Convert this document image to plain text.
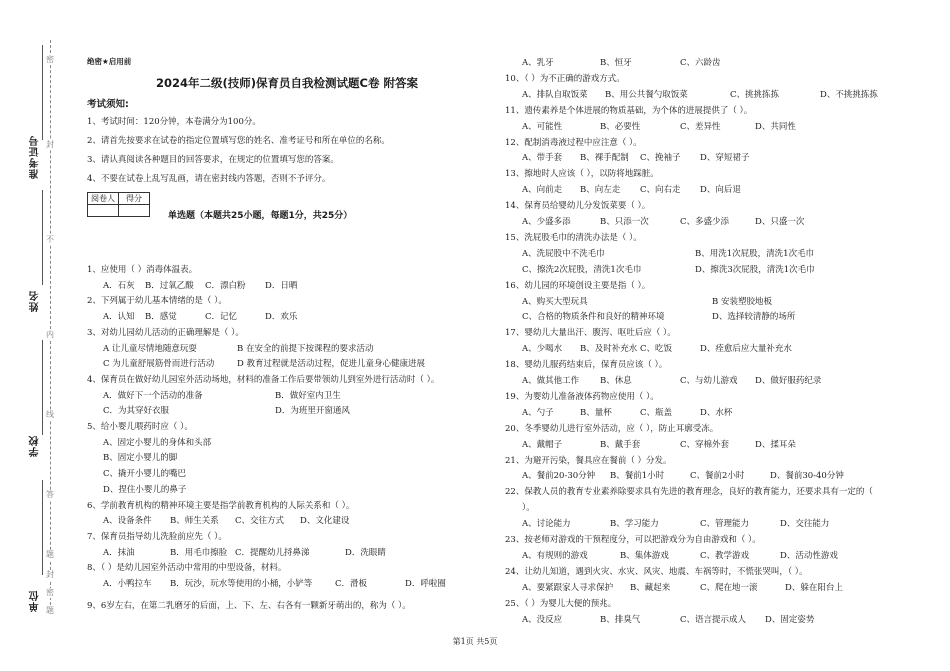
准考证号
姓名
学校
单位
密
封
不
内
线
答
题
封
密
题
绝密★启用前
2024年二级(技师)保育员自我检测试题C卷 附答案
考试须知:
1、考试时间：120分钟，本卷满分为100分。
2、请首先按要求在试卷的指定位置填写您的姓名、准考证号和所在单位的名称。
3、请认真阅读各种题目的回答要求，在规定的位置填写您的答案。
4、不要在试卷上乱写乱画，请在密封线内答题，否则不予评分。
阅卷人	得分

单选题（本题共25小题，每题1分，共25分）
1、应使用（ ）消毒体温表。
A．石灰 B．过氧乙酸 C．漂白粉 D．日晒
2、下列属于幼儿基本情绪的是（ ）。
A．认知 B．感觉	C．记忆	D．欢乐
3、对幼儿园幼儿活动的正确理解是（ ）。
A 让儿童尽情地随意玩耍	B 在安全的前提下按课程的要求活动
C 为儿童舒展筋骨而进行活动	D 教育过程就是活动过程，促进儿童身心健康进展
4、保育员在做好幼儿园室外活动场地，材料的准备工作后要带领幼儿到室外进行活动时（ ）。
A．做好下一个活动的准备	B．做好室内卫生
C．为其穿好衣服	D．为班里开窗通风
5、给小婴儿喂药时应（ ）。
A、固定小婴儿的身体和头部
B、固定小婴儿的脚
C、撬开小婴儿的嘴巴
D、捏住小婴儿的鼻子
6、学前教育机构的精神环境主要是指学前教育机构的人际关系和（ ）。
A、设备条件 B、师生关系 C、交往方式 D、文化建设
7、保育员指导幼儿洗脸前应先（ ）。
A．抹油	B．用毛巾擦脸 C．提醒幼儿捋鼻涕	D．洗眼睛
8、（ ）是幼儿园室外活动中常用的中型设备，材料。
A．小鸭拉车 B．玩沙，玩水等使用的小桶，小铲等	C．滑板	D．呼啦圈
9、6岁左右，在第二乳磨牙的后面，上、下、左、右各有一颗新牙萌出的，称为（ ）。
A、乳牙	B、恒牙	C、六龄齿
10、（ ）为不正确的游戏方式。
A、排队自取饭菜 B、用公共餐勺取饭菜	C、挑挑拣拣	D、不挑挑拣拣
11、遗传素养是个体进展的物质基础，为个体的进展提供了（ ）。
A、可能性	B、必要性	C、差异性	D、共同性
12、配制消毒液过程中应注意（ ）。
A、带手套 B、裸手配制 C、挽袖子 D、穿短裙子
13、擦地时人应该（ ），以防将地踩脏。
A、向前走 B、向左走 C、向右走 D、向后退
14、保育员给婴幼儿分发饭菜要（ ）。
A、少盛多添	B、只添一次	C、多盛少添	D、只盛一次
15、洗屁股毛巾的清洗办法是（ ）。
A、洗屁股中不洗毛巾	B、用洗1次屁股，清洗1次毛巾
C、擦洗2次屁股，清洗1次毛巾	D、擦洗3次屁股，清洗1次毛巾
16、幼儿园的环境创设主要是指（ ）。
A、购买大型玩具	B 安装塑胶地板
C、合格的物质条件和良好的精神环境	D、选择较清静的场所
17、婴幼儿大量出汗、腹泻、呕吐后应（ ）。
A、少喝水 B、及时补充水 C、吃饭	D、痊愈后应大量补充水
18、婴幼儿服药结束后，保育员应该（ ）。
A、做其他工作 B、休息	C、与幼儿游戏 D、做好服药纪录
19、为婴幼儿准备液体药物应使用（ ）。
A、勺子	B、量杯	C、瓶盖	D、水杯
20、冬季婴幼儿进行室外活动，应（ ），防止耳廓受冻。
A、戴帽子	B、戴手套	C、穿棉外套	D、揉耳朵
21、为避开污染，餐具应在餐前（ ）分发。
A、餐前20-30分钟 B、餐前1小时	C、餐前2小时	D、餐前30-40分钟
22、保教人员的教育专业素养除要求具有先进的教育理念，良好的教育能力，还要求具有一定的（
）。
A、讨论能力	B、学习能力	C、管理能力	D、交往能力
23、按老师对游戏的干预程度分，可以把游戏分为自由游戏和（ ）。
A、有规则的游戏	B、集体游戏	C、教学游戏	D、活动性游戏
24、让幼儿知道，遇到火灾、水灾、风灾、地震、车祸等时，不慌张哭叫，（ ）。
A、要紧跟家人寻求保护 B、藏起来	C、爬在地一滚	D、躲在阳台上
25、（ ）为婴儿大便的预兆。
A、没反应	B、排臭气	C、语言提示成人 D、固定姿势
第1页 共5页
